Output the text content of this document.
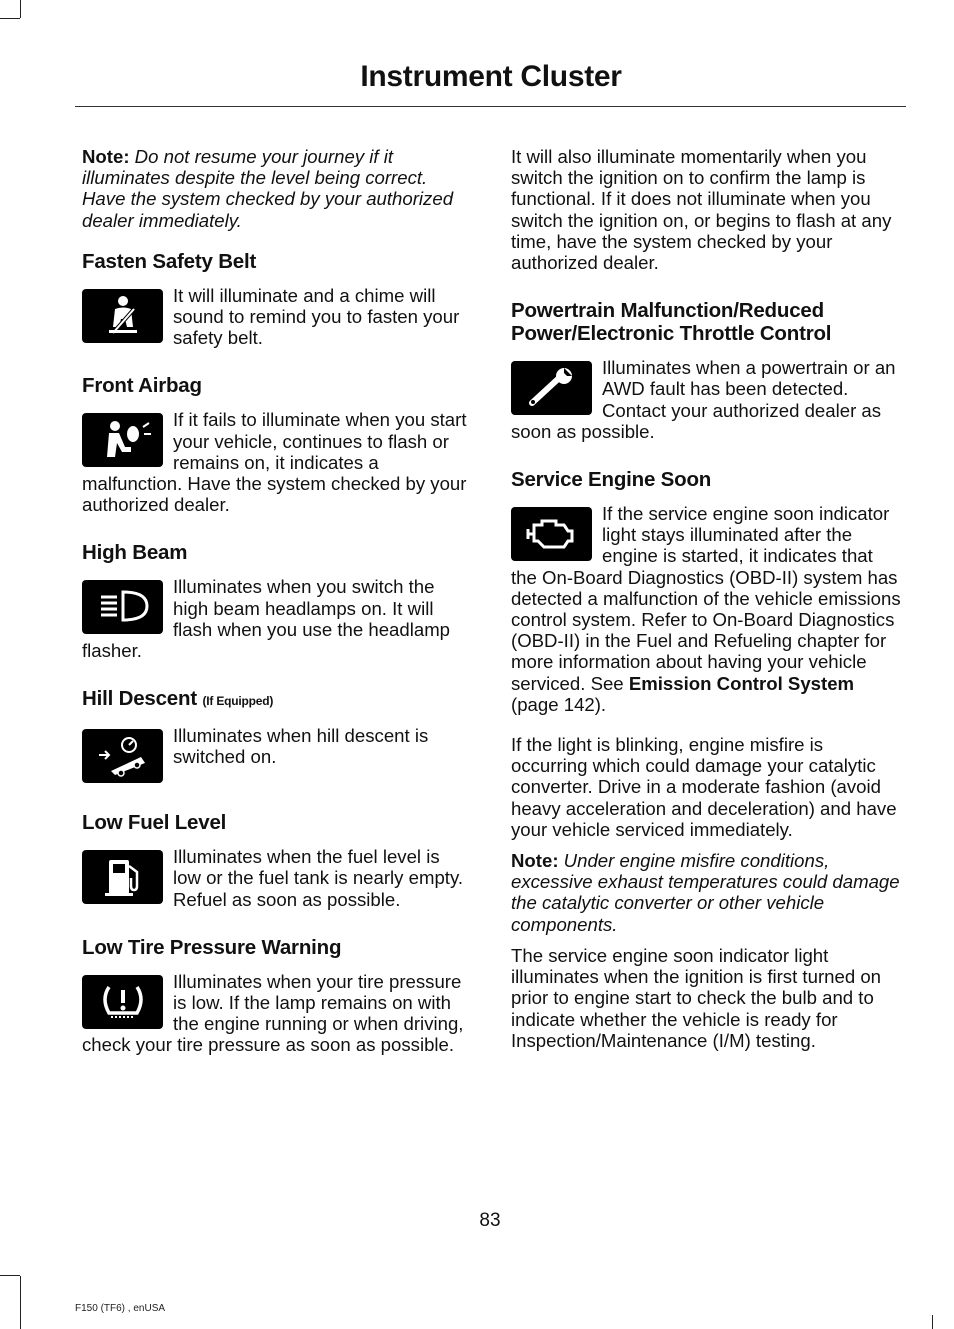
Instrument Cluster

Note: Do not resume your journey if it illuminates despite the level being correct. Have the system checked by your authorized dealer immediately.

Fasten Safety Belt

It will illuminate and a chime will sound to remind you to fasten your safety belt.

Front Airbag

If it fails to illuminate when you start your vehicle, continues to flash or remains on, it indicates a malfunction. Have the system checked by your authorized dealer.

High Beam

Illuminates when you switch the high beam headlamps on. It will flash when you use the headlamp flasher.

Hill Descent (If Equipped)

Illuminates when hill descent is switched on.

Low Fuel Level

Illuminates when the fuel level is low or the fuel tank is nearly empty. Refuel as soon as possible.

Low Tire Pressure Warning

Illuminates when your tire pressure is low. If the lamp remains on with the engine running or when driving, check your tire pressure as soon as possible.

It will also illuminate momentarily when you switch the ignition on to confirm the lamp is functional. If it does not illuminate when you switch the ignition on, or begins to flash at any time, have the system checked by your authorized dealer.

Powertrain Malfunction/Reduced Power/Electronic Throttle Control

Illuminates when a powertrain or an AWD fault has been detected. Contact your authorized dealer as soon as possible.

Service Engine Soon

If the service engine soon indicator light stays illuminated after the engine is started, it indicates that the On-Board Diagnostics (OBD-II) system has detected a malfunction of the vehicle emissions control system. Refer to On-Board Diagnostics (OBD-II) in the Fuel and Refueling chapter for more information about having your vehicle serviced. See Emission Control System (page 142).

If the light is blinking, engine misfire is occurring which could damage your catalytic converter. Drive in a moderate fashion (avoid heavy acceleration and deceleration) and have your vehicle serviced immediately.

Note: Under engine misfire conditions, excessive exhaust temperatures could damage the catalytic converter or other vehicle components.

The service engine soon indicator light illuminates when the ignition is first turned on prior to engine start to check the bulb and to indicate whether the vehicle is ready for Inspection/Maintenance (I/M) testing.

83
F150 (TF6) , enUSA
